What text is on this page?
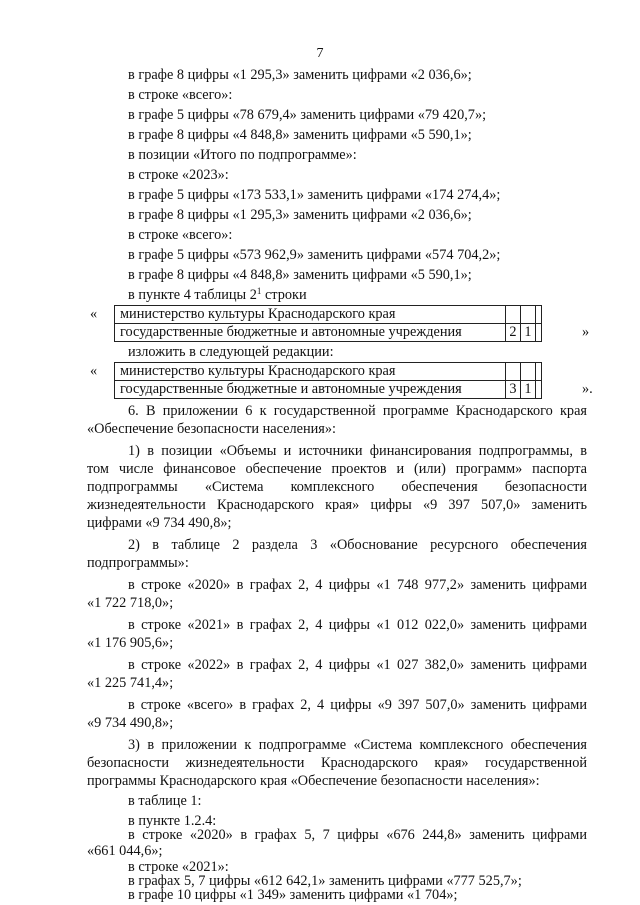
7
в графе 8 цифры «1 295,3» заменить цифрами «2 036,6»;
в строке «всего»:
в графе 5 цифры «78 679,4» заменить цифрами «79 420,7»;
в графе 8 цифры «4 848,8» заменить цифрами «5 590,1»;
в позиции «Итого по подпрограмме»:
в строке «2023»:
в графе 5 цифры «173 533,1» заменить цифрами «174 274,4»;
в графе 8 цифры «1 295,3» заменить цифрами «2 036,6»;
в строке «всего»:
в графе 5 цифры «573 962,9» заменить цифрами «574 704,2»;
в графе 8 цифры «4 848,8» заменить цифрами «5 590,1»;
в пункте 4 таблицы $2^1$ строки
« министерство культуры Краснодарского края			
государственные бюджетные и автономные учреждения	2	1		»
изложить в следующей редакции:
« министерство культуры Краснодарского края			
государственные бюджетные и автономные учреждения	3	1		».
6. В приложении 6 к государственной программе Краснодарского края
«Обеспечение безопасности населения»:
1) в позиции «Объемы и источники финансирования подпрограммы, в
том числе финансовое обеспечение проектов и (или) программ» паспорта
подпрограммы «Система комплексного обеспечения безопасности
жизнедеятельности Краснодарского края» цифры «9 397 507,0» заменить
цифрами «9 734 490,8»;
2) в таблице 2 раздела 3 «Обоснование ресурсного обеспечения
подпрограммы»:
в строке «2020» в графах 2, 4 цифры «1 748 977,2» заменить цифрами
«1 722 718,0»;
в строке «2021» в графах 2, 4 цифры «1 012 022,0» заменить цифрами
«1 176 905,6»;
в строке «2022» в графах 2, 4 цифры «1 027 382,0» заменить цифрами
«1 225 741,4»;
в строке «всего» в графах 2, 4 цифры «9 397 507,0» заменить цифрами
«9 734 490,8»;
3) в приложении к подпрограмме «Система комплексного обеспечения
безопасности жизнедеятельности Краснодарского края» государственной
программы Краснодарского края «Обеспечение безопасности населения»:
в таблице 1:
в пункте 1.2.4:
в строке «2020» в графах 5, 7 цифры «676 244,8» заменить цифрами
«661 044,6»;
в строке «2021»:
в графах 5, 7 цифры «612 642,1» заменить цифрами «777 525,7»;
в графе 10 цифры «1 349» заменить цифрами «1 704»;
